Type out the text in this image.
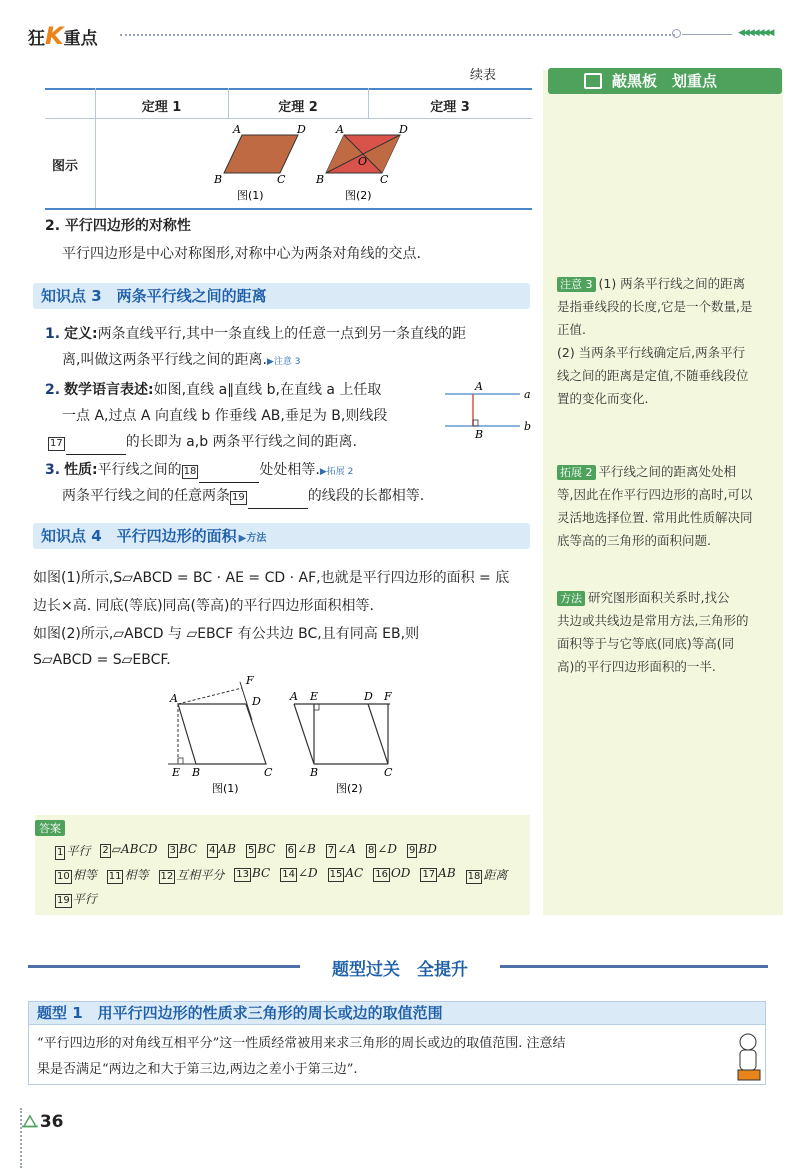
狂K重点	◀◀◀◀◀◀◀
敲黑板　划重点
续表
定理 1	定理 2	定理 3
图示
A	D
B	C
图(1)
A	D
O
B	C
图(2)
2. 平行四边形的对称性
平行四边形是中心对称图形,对称中心为两条对角线的交点.
知识点 3　两条平行线之间的距离
1. 定义:两条直线平行,其中一条直线上的任意一点到另一条直线的距
离,叫做这两条平行线之间的距离.▶注意 3
2. 数学语言表述:如图,直线 a∥直线 b,在直线 a 上任取
一点 A,过点 A 向直线 b 作垂线 AB,垂足为 B,则线段
17	的长即为 a,b 两条平行线之间的距离.
A
B
a
b
3. 性质:平行线之间的 18	处处相等.▶拓展 2
两条平行线之间的任意两条 19	的线段的长都相等.
知识点 4　平行四边形的面积 ▶方法
如图(1)所示,S▱ABCD = BC · AE = CD · AF,也就是平行四边形的面积 = 底
边长×高. 同底(等底)同高(等高)的平行四边形面积相等.
如图(2)所示,▱ABCD 与 ▱EBCF 有公共边 BC,且有同高 EB,则
S▱ABCD = S▱EBCF.
A
F
D
E B	C
图(1)
A E	D F
B	C
图(2)
答案
1 平行 2 ▱ABCD 3 BC 4 AB 5 BC 6 ∠B 7 ∠A 8 ∠D 9 BD
10 相等 11 相等 12 互相平分 13 BC 14 ∠D 15 AC 16 OD 17 AB 18 距离
19 平行
注意 3 (1) 两条平行线之间的距离
是指垂线段的长度,它是一个数量,是
正值.
(2) 当两条平行线确定后,两条平行
线之间的距离是定值,不随垂线段位
置的变化而变化.
拓展 2 平行线之间的距离处处相
等,因此在作平行四边形的高时,可以
灵活地选择位置. 常用此性质解决同
底等高的三角形的面积问题.
方法 研究图形面积关系时,找公
共边或共线边是常用方法,三角形的
面积等于与它等底(同底)等高(同
高)的平行四边形面积的一半.
题型过关　全提升
题型 1　用平行四边形的性质求三角形的周长或边的取值范围
“平行四边形的对角线互相平分”这一性质经常被用来求三角形的周长或边的取值范围. 注意结
果是否满足“两边之和大于第三边,两边之差小于第三边”.
⧍ 36
